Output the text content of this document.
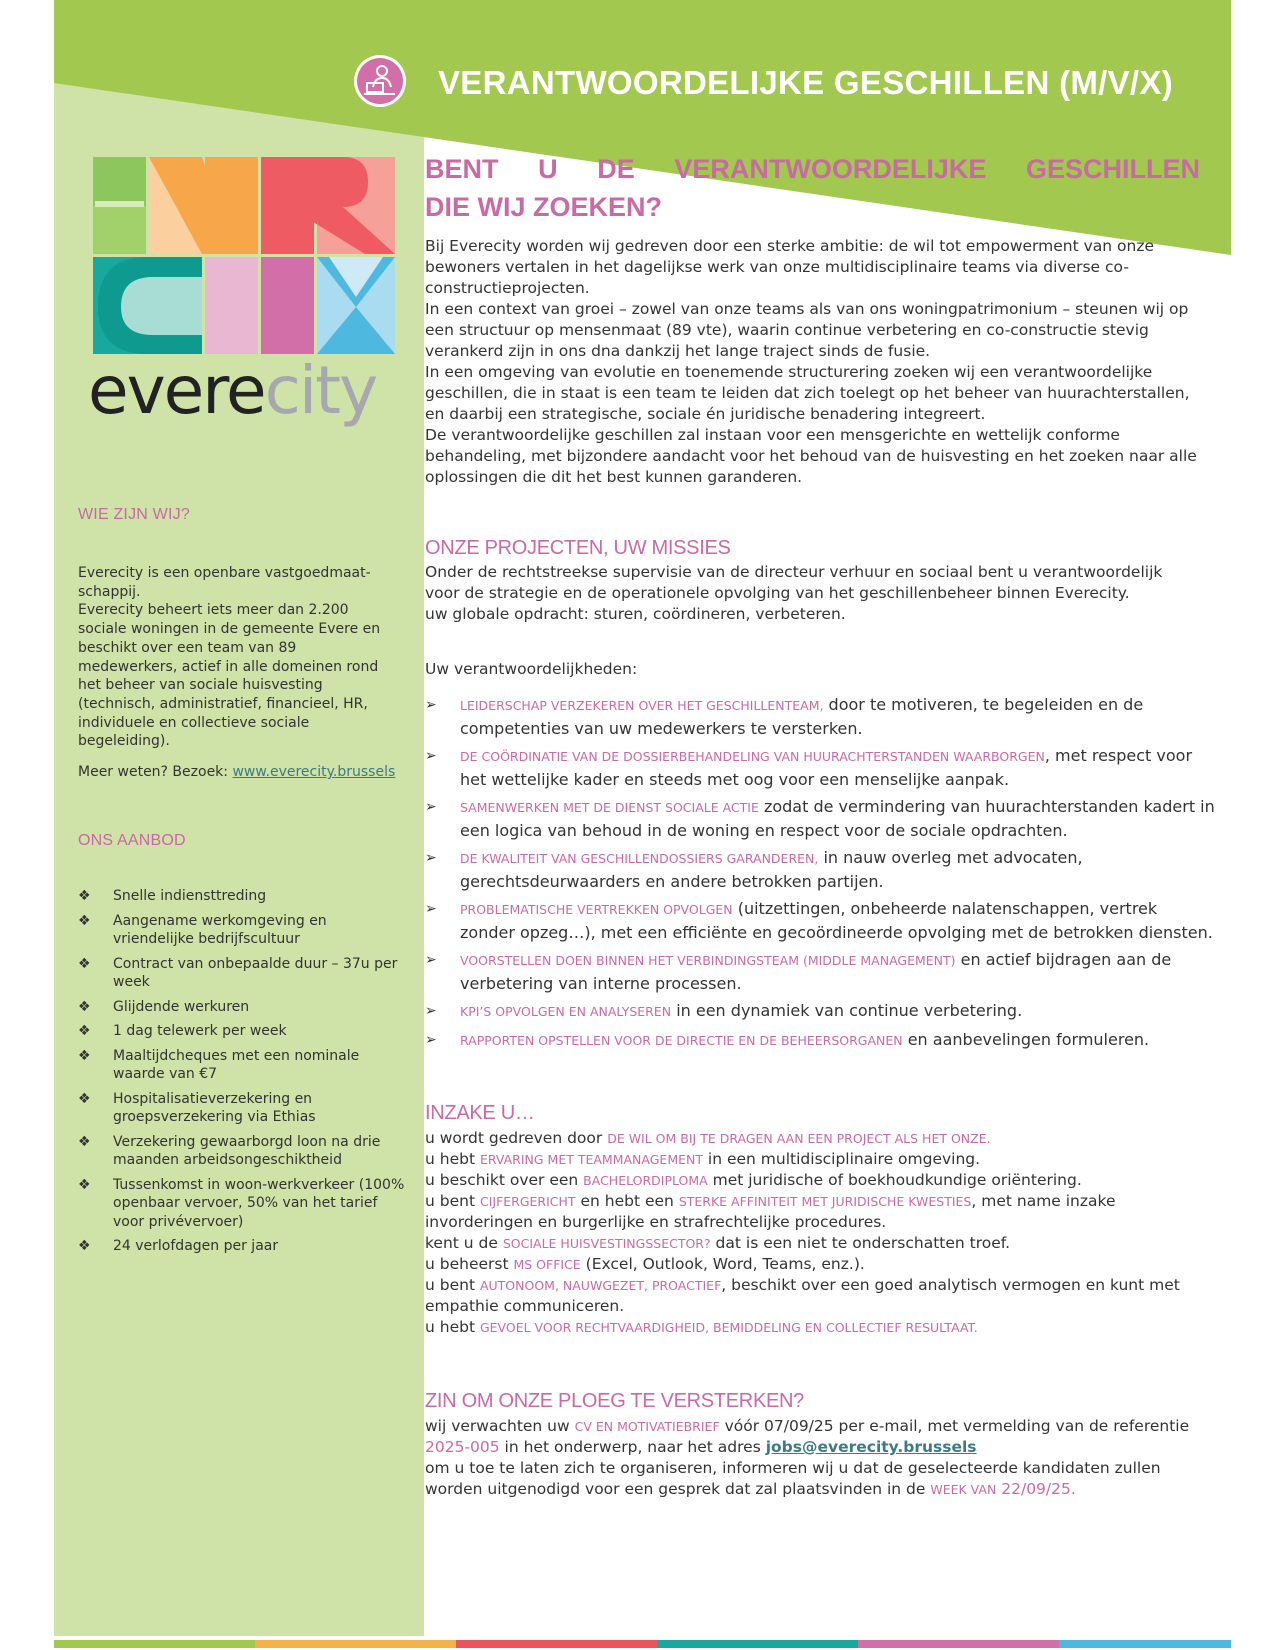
VERANTWOORDELIJKE GESCHILLEN (M/V/X)
everecity
WIE ZIJN WIJ?

Everecity is een openbare vastgoedmaat-schappij.

Everecity beheert iets meer dan 2.200 sociale woningen in de gemeente Evere en beschikt over een team van 89 medewerkers, actief in alle domeinen rond het beheer van sociale huisvesting (technisch, administratief, financieel, HR, individuele en collectieve sociale begeleiding).

Meer weten? Bezoek: www.everecity.brussels
ONS AANBOD
❖ Snelle indiensttreding
❖ Aangename werkomgeving en vriendelijke bedrijfscultuur
❖ Contract van onbepaalde duur – 37u per week
❖ Glijdende werkuren
❖ 1 dag telewerk per week
❖ Maaltijdcheques met een nominale waarde van €7
❖ Hospitalisatieverzekering en groepsverzekering via Ethias
❖ Verzekering gewaarborgd loon na drie maanden arbeidsongeschiktheid
❖ Tussenkomst in woon-werkverkeer (100% openbaar vervoer, 50% van het tarief voor privévervoer)
❖ 24 verlofdagen per jaar
BENT U DE VERANTWOORDELIJKE GESCHILLEN
DIE WIJ ZOEKEN?

Bij Everecity worden wij gedreven door een sterke ambitie: de wil tot empowerment van onze bewoners vertalen in het dagelijkse werk van onze multidisciplinaire teams via diverse co-constructieprojecten.

In een context van groei – zowel van onze teams als van ons woningpatrimonium – steunen wij op een structuur op mensenmaat (89 vte), waarin continue verbetering en co-constructie stevig verankerd zijn in ons dna dankzij het lange traject sinds de fusie.

In een omgeving van evolutie en toenemende structurering zoeken wij een verantwoordelijke geschillen, die in staat is een team te leiden dat zich toelegt op het beheer van huurachterstallen, en daarbij een strategische, sociale én juridische benadering integreert.

De verantwoordelijke geschillen zal instaan voor een mensgerichte en wettelijk conforme behandeling, met bijzondere aandacht voor het behoud van de huisvesting en het zoeken naar alle oplossingen die dit het best kunnen garanderen.

ONZE PROJECTEN, UW MISSIES

Onder de rechtstreekse supervisie van de directeur verhuur en sociaal bent u verantwoordelijk voor de strategie en de operationele opvolging van het geschillenbeheer binnen Everecity.

uw globale opdracht: sturen, coördineren, verbeteren.

Uw verantwoordelijkheden:
➢ LEIDERSCHAP VERZEKEREN OVER HET GESCHILLENTEAM, door te motiveren, te begeleiden en de competenties van uw medewerkers te versterken.
➢ DE COÖRDINATIE VAN DE DOSSIERBEHANDELING VAN HUURACHTERSTANDEN WAARBORGEN, met respect voor het wettelijke kader en steeds met oog voor een menselijke aanpak.
➢ SAMENWERKEN MET DE DIENST SOCIALE ACTIE zodat de vermindering van huurachterstanden kadert in een logica van behoud in de woning en respect voor de sociale opdrachten.
➢ DE KWALITEIT VAN GESCHILLENDOSSIERS GARANDEREN, in nauw overleg met advocaten, gerechtsdeurwaarders en andere betrokken partijen.
➢ PROBLEMATISCHE VERTREKKEN OPVOLGEN (uitzettingen, onbeheerde nalatenschappen, vertrek zonder opzeg…), met een efficiënte en gecoördineerde opvolging met de betrokken diensten.
➢ VOORSTELLEN DOEN BINNEN HET VERBINDINGSTEAM (MIDDLE MANAGEMENT) en actief bijdragen aan de verbetering van interne processen.
➢ KPI’S OPVOLGEN EN ANALYSEREN in een dynamiek van continue verbetering.
➢ RAPPORTEN OPSTELLEN VOOR DE DIRECTIE EN DE BEHEERSORGANEN en aanbevelingen formuleren.
INZAKE U…

u wordt gedreven door DE WIL OM BIJ TE DRAGEN AAN EEN PROJECT ALS HET ONZE.

u hebt ERVARING MET TEAMMANAGEMENT in een multidisciplinaire omgeving.

u beschikt over een BACHELORDIPLOMA met juridische of boekhoudkundige oriëntering.

u bent CIJFERGERICHT en hebt een STERKE AFFINITEIT MET JURIDISCHE KWESTIES, met name inzake invorderingen en burgerlijke en strafrechtelijke procedures.

kent u de SOCIALE HUISVESTINGSSECTOR? dat is een niet te onderschatten troef.

u beheerst MS OFFICE (Excel, Outlook, Word, Teams, enz.).

u bent AUTONOOM, NAUWGEZET, PROACTIEF, beschikt over een goed analytisch vermogen en kunt met empathie communiceren.

u hebt GEVOEL VOOR RECHTVAARDIGHEID, BEMIDDELING EN COLLECTIEF RESULTAAT.

ZIN OM ONZE PLOEG TE VERSTERKEN?

wij verwachten uw CV EN MOTIVATIEBRIEF vóór 07/09/25 per e-mail, met vermelding van de referentie 2025-005 in het onderwerp, naar het adres jobs@everecity.brussels

om u toe te laten zich te organiseren, informeren wij u dat de geselecteerde kandidaten zullen worden uitgenodigd voor een gesprek dat zal plaatsvinden in de WEEK VAN 22/09/25.
